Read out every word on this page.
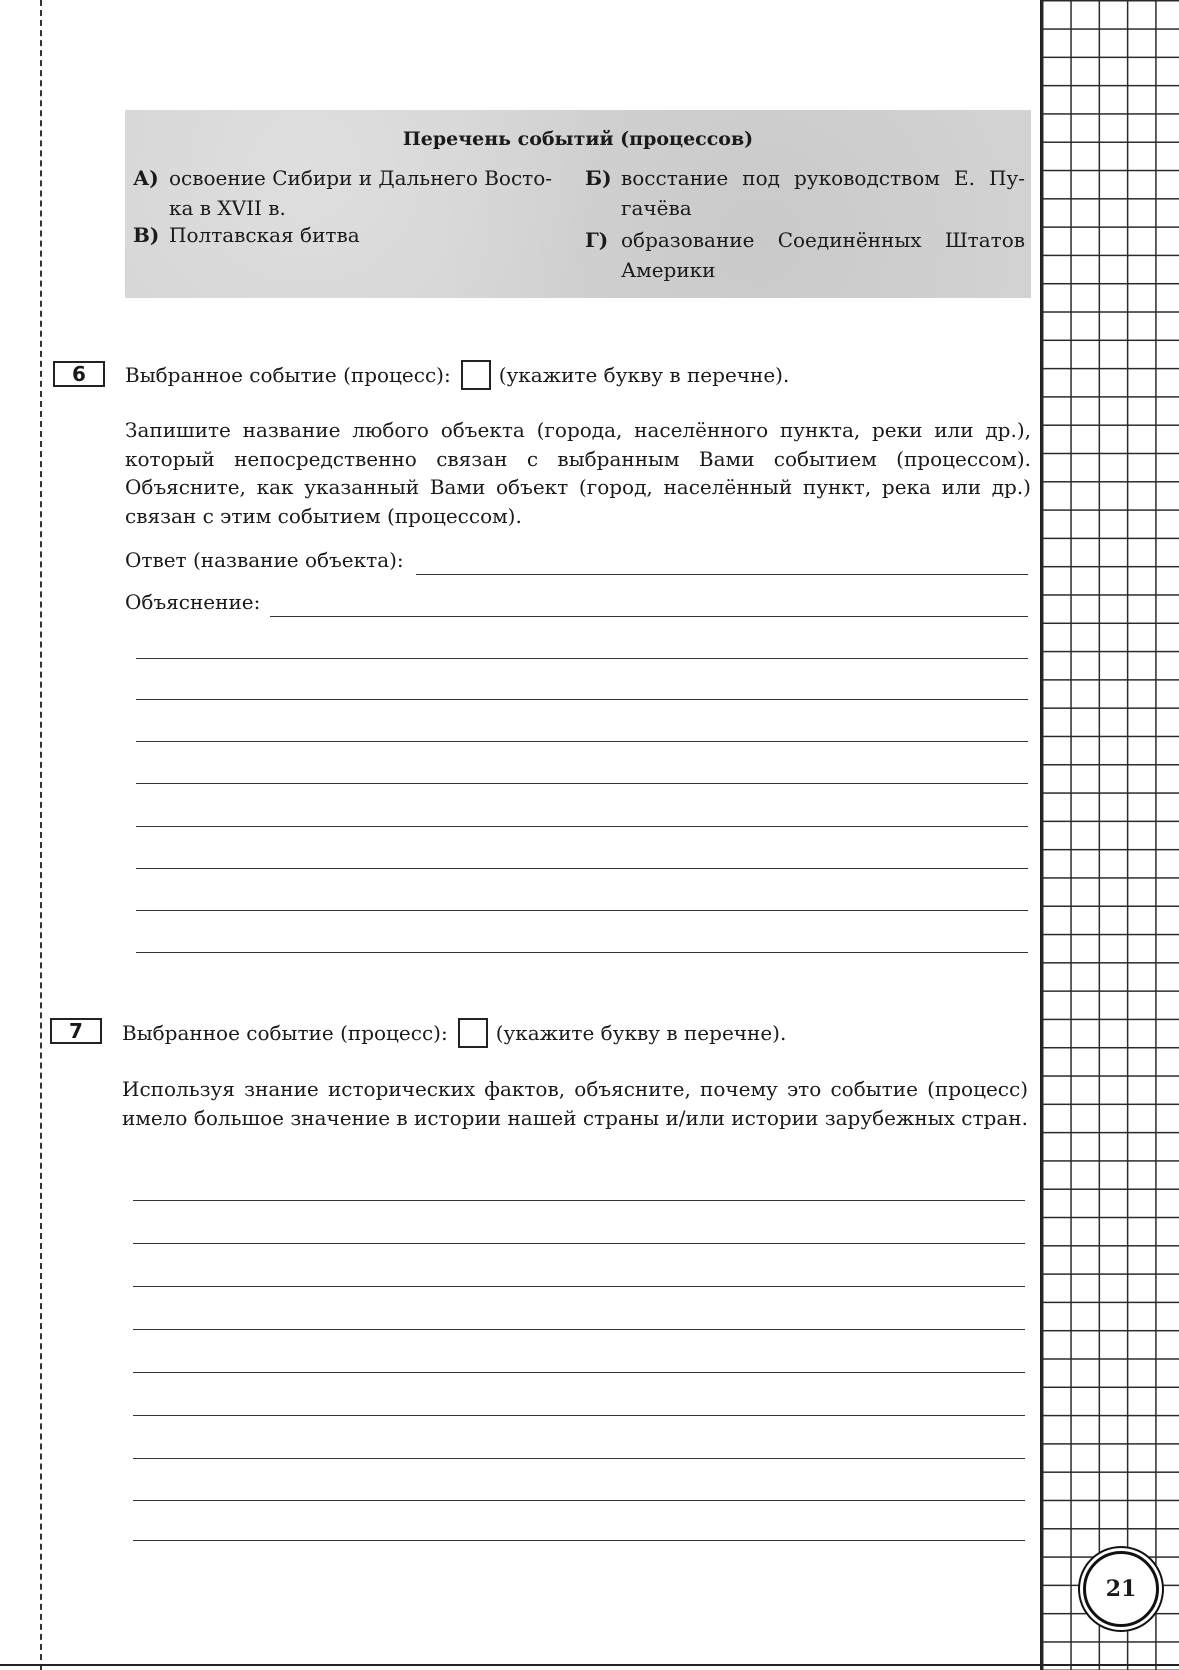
Перечень событий (процессов)
А) освоение Сибири и Дальнего Восто-ка в XVII в.
Б) восстание под руководством Е. Пу-гачёва
В) Полтавская битва	Г) образование Соединённых Штатов Америки
6	Выбранное событие (процесс): (укажите букву в перечне).
Запишите название любого объекта (города, населённого пункта, реки или др.), который непосредственно связан с выбранным Вами событием (процессом). Объясните, как указанный Вами объект (город, населённый пункт, река или др.) связан с этим событием (процессом).
Ответ (название объекта):
Объяснение:
7	Выбранное событие (процесс): (укажите букву в перечне).
Используя знание исторических фактов, объясните, почему это событие (процесс) имело большое значение в истории нашей страны и/или истории зарубежных стран.
21
